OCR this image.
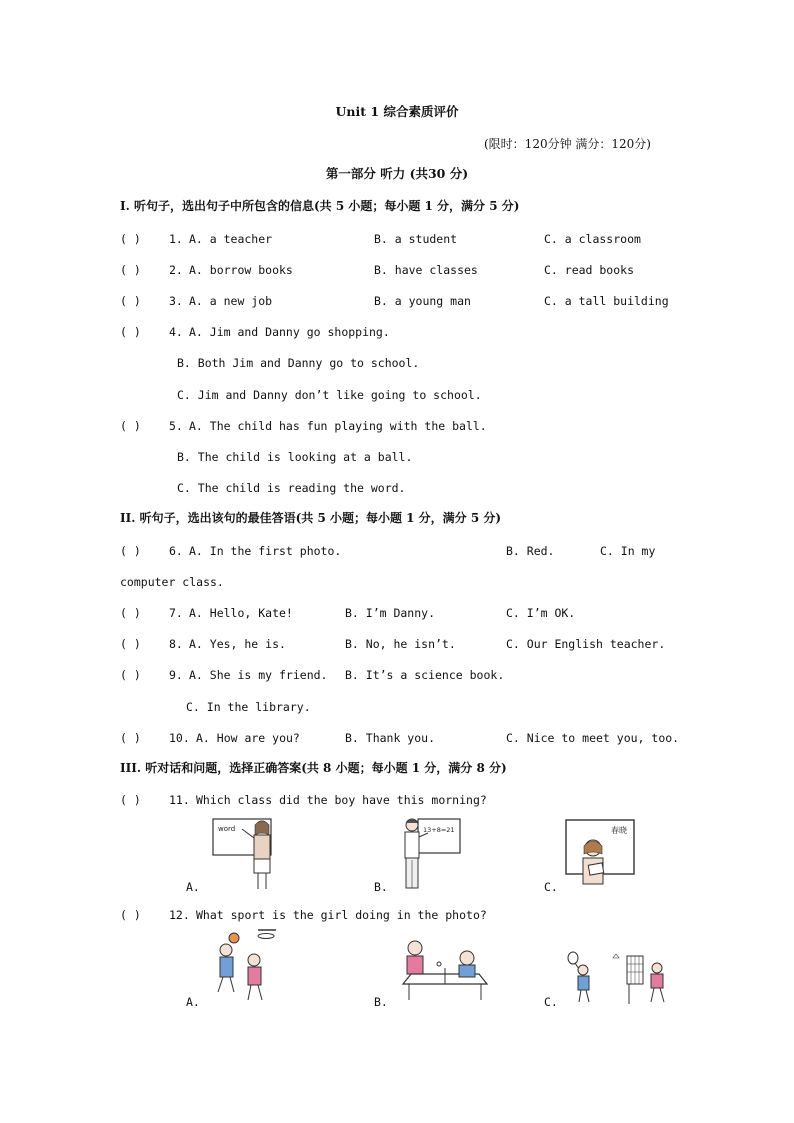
Unit 1 综合素质评价
(限时：120分钟 满分：120分)
第一部分 听力 (共30 分)
I. 听句子，选出句子中所包含的信息(共 5 小题；每小题 1 分，满分 5 分)
( ) 1. A. a teacher	B. a student	C. a classroom
( ) 2. A. borrow books	B. have classes	C. read books
( ) 3. A. a new job	B. a young man	C. a tall building
( ) 4. A. Jim and Danny go shopping.
B. Both Jim and Danny go to school.
C. Jim and Danny don’t like going to school.
( ) 5. A. The child has fun playing with the ball.
B. The child is looking at a ball.
C. The child is reading the word.
II. 听句子，选出该句的最佳答语(共 5 小题；每小题 1 分，满分 5 分)
( ) 6. A. In the first photo.	B. Red.	C. In my
computer class.
( ) 7. A. Hello, Kate!	B. I’m Danny.	C. I’m OK.
( ) 8. A. Yes, he is.	B. No, he isn’t.	C. Our English teacher.
( ) 9. A. She is my friend. B. It’s a science book.
C. In the library.
( ) 10. A. How are you?	B. Thank you.	C. Nice to meet you, too.
III. 听对话和问题，选择正确答案(共 8 小题；每小题 1 分，满分 8 分)
( ) 11. Which class did the boy have this morning?
word
A.
13+8=21
B.
春晓
C.
( ) 12. What sport is the girl doing in the photo?
A.	B.	C.
